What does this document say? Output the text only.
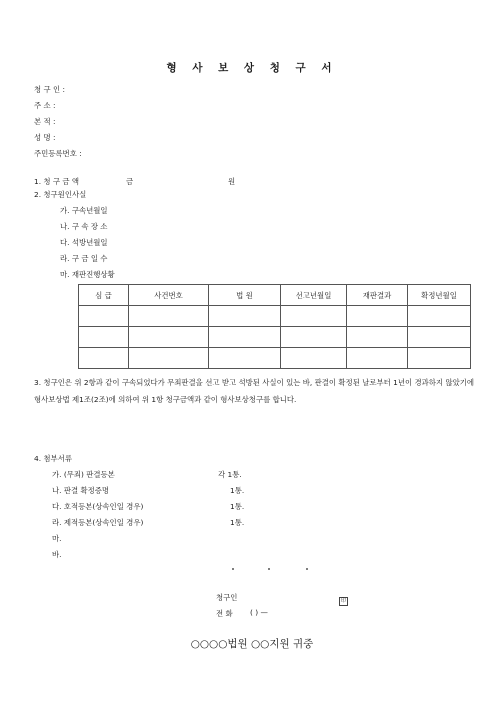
형 사 보 상 청 구 서
청 구 인 :
주 소 :
본 적 :
성 명 :
주민등록번호 :
1. 청 구 금 액	금	원
2. 청구원인사실
가. 구속년월일
나. 구 속 장 소
다. 석방년월일
라. 구 금 일 수
마. 재판진행상황
심 급	사건번호	법 원	선고년월일	재판결과	확정년월일

3. 청구인은 위 2항과 같이 구속되었다가 무죄판결을 선고 받고 석방된 사실이 있는 바, 판결이 확정된 날로부터 1년이 경과하지 않았기에 형사보상법 제1조(2조)에 의하여 위 1항 청구금액과 같이 형사보상청구를 합니다.
4. 첨부서류
가. (무죄) 판결등본	각 1통.
나. 판결 확정증명	1통.
다. 호적등본(상속인일 경우)	1통.
라. 제적등본(상속인일 경우)	1통.
마.
바.
청구인	印
전 화 ( ) —
○○○○법원 ○○지원 귀중
